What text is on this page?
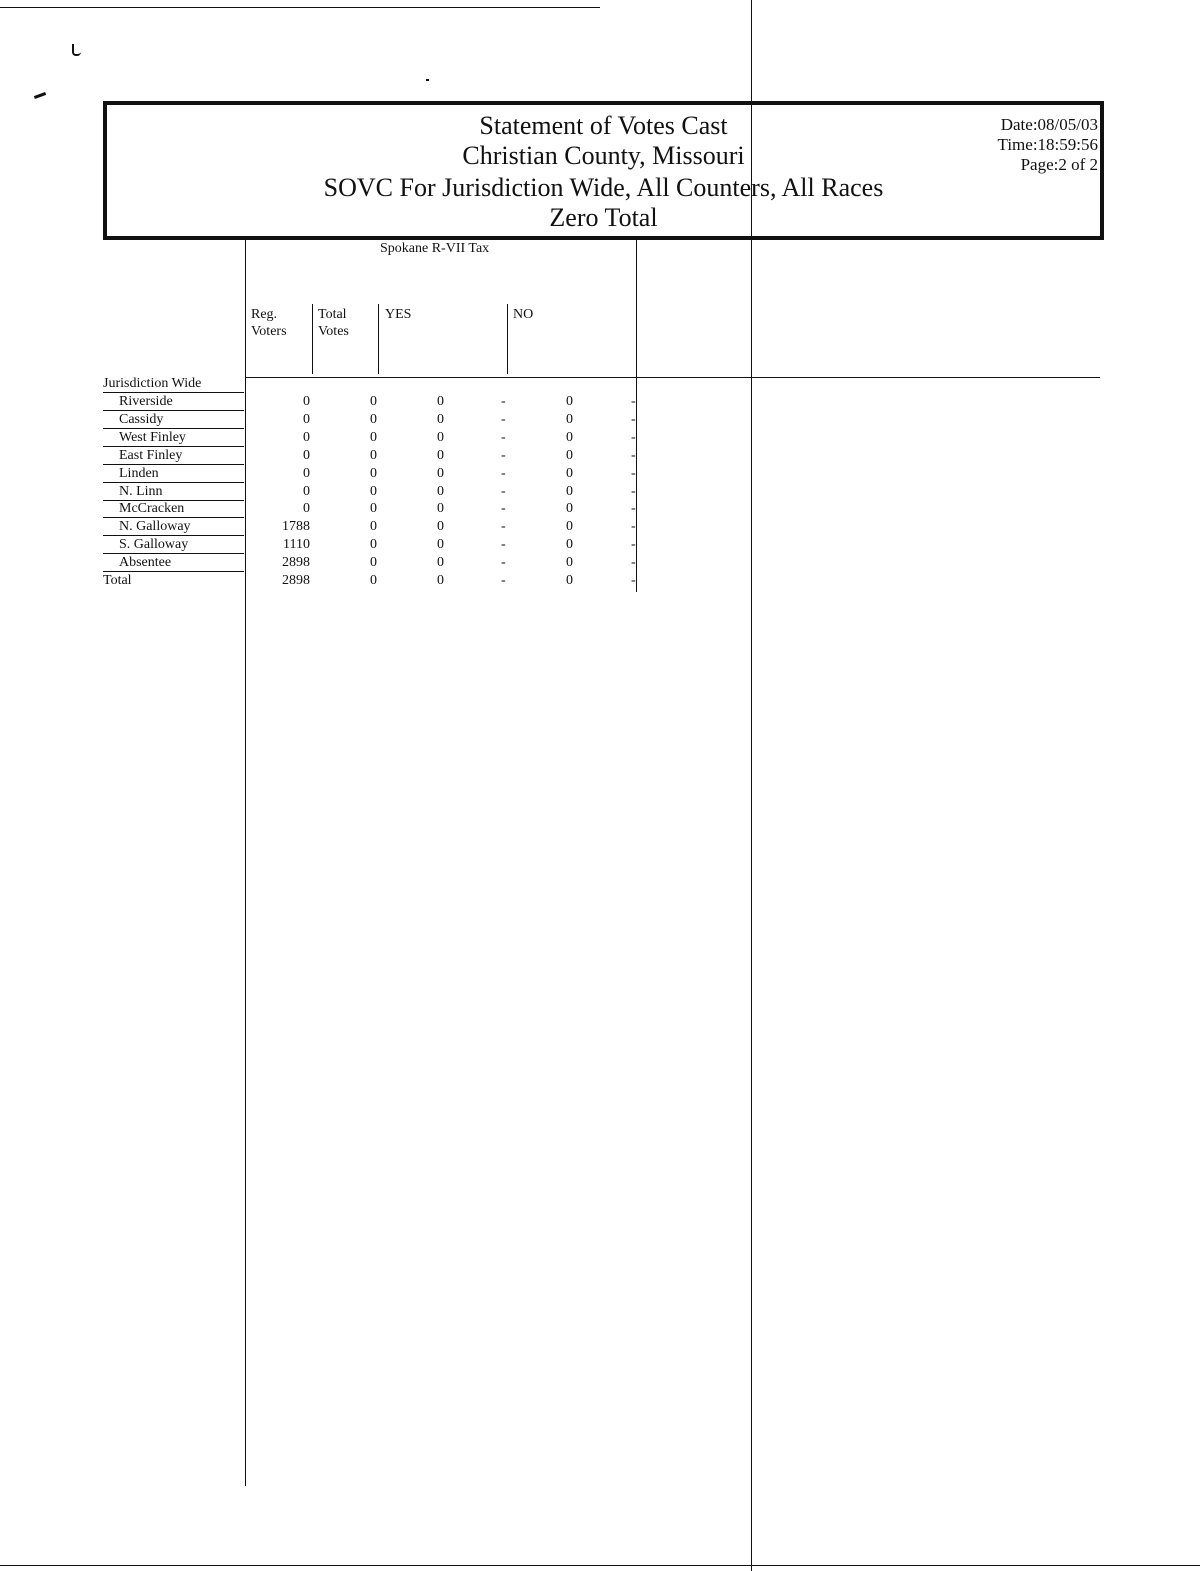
Statement of Votes Cast
Christian County, Missouri
SOVC For Jurisdiction Wide, All Counters, All Races
Zero Total
Date:08/05/03
Time:18:59:56
Page:2 of 2
Spokane R-VII Tax
Reg.
Voters
Total
Votes
YES	NO
Jurisdiction Wide
Riverside	0	0	0	-	0	-
Cassidy	0	0	0	-	0	-
West Finley	0	0	0	-	0	-
East Finley	0	0	0	-	0	-
Linden	0	0	0	-	0	-
N. Linn	0	0	0	-	0	-
McCracken	0	0	0	-	0	-
N. Galloway	1788	0	0	-	0	-
S. Galloway	1110	0	0	-	0	-
Absentee	2898	0	0	-	0	-
Total	2898	0	0	-	0	-
